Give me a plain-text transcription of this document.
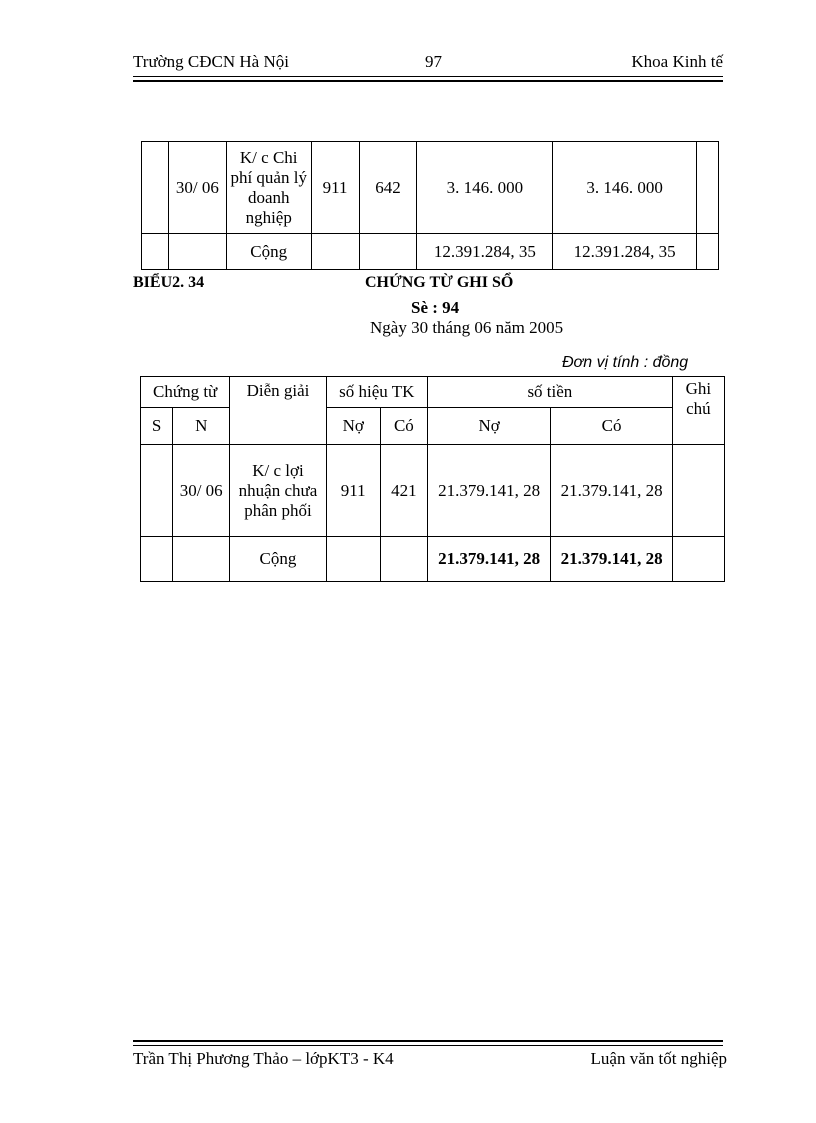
Trường CĐCN Hà Nội	97	Khoa Kinh tế
	30/ 06	K/ c Chi phí quản lý doanh nghiệp	911	642	3. 146. 000	3. 146. 000	
		Cộng			12.391.284, 35	12.391.284, 35	
BIỂU2. 34	CHỨNG TỪ GHI SỔ
Sè : 94
Ngày 30 tháng 06 năm 2005
Đơn vị tính : đồng
Chứng từ		Diễn giải	số hiệu TK		số tiền		Ghi chú
S	N		Nợ	Có	Nợ	Có	
	30/ 06	K/ c lợi nhuận chưa phân phối	911	421	21.379.141, 28	21.379.141, 28	
		Cộng			21.379.141, 28	21.379.141, 28	
Trần Thị Phương Thảo – lớpKT3 - K4	Luận văn tốt nghiệp
